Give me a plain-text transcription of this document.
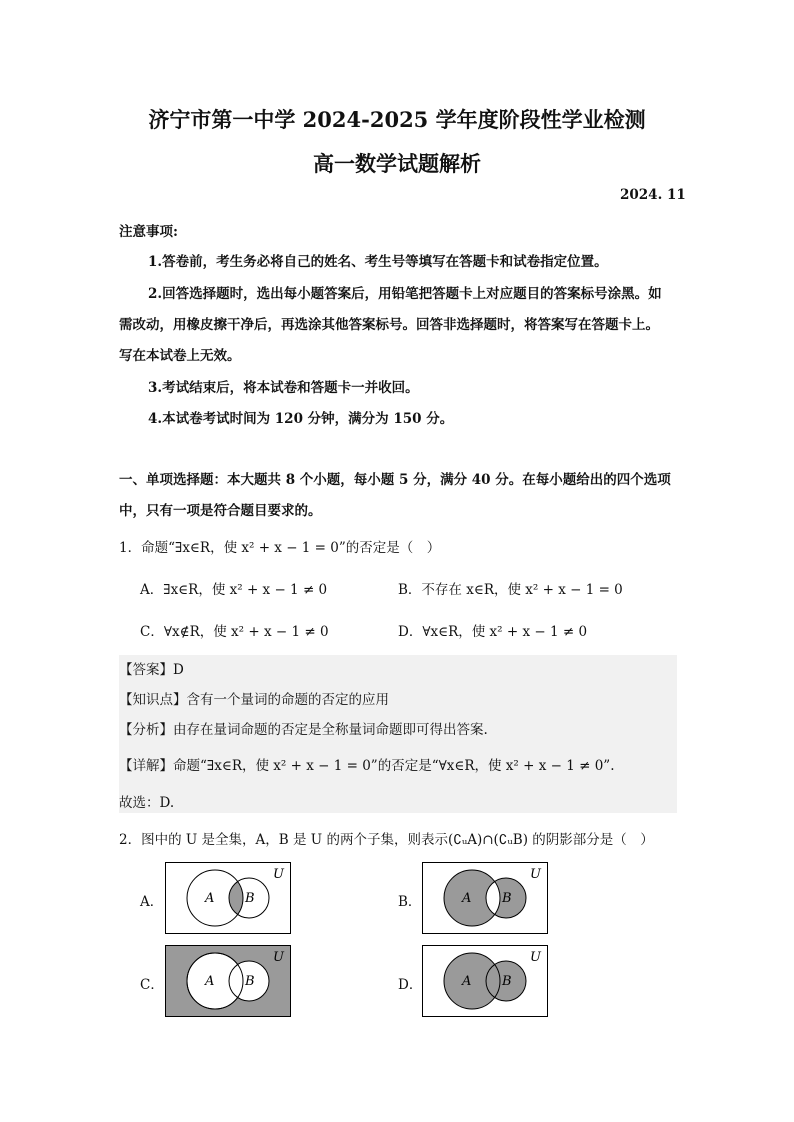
济宁市第一中学 2024-2025 学年度阶段性学业检测
高一数学试题解析
2024. 11
注意事项:
1.答卷前，考生务必将自己的姓名、考生号等填写在答题卡和试卷指定位置。
2.回答选择题时，选出每小题答案后，用铅笔把答题卡上对应题目的答案标号涂黑。如
需改动，用橡皮擦干净后，再选涂其他答案标号。回答非选择题时，将答案写在答题卡上。
写在本试卷上无效。
3.考试结束后，将本试卷和答题卡一并收回。
4.本试卷考试时间为 120 分钟，满分为 150 分。
一、单项选择题：本大题共 8 个小题，每小题 5 分，满分 40 分。在每小题给出的四个选项
中，只有一项是符合题目要求的。
1．命题“∃x∈R，使 x² + x − 1 = 0”的否定是（　）
A．∃x∈R，使 x² + x − 1 ≠ 0	B．不存在 x∈R，使 x² + x − 1 = 0
C．∀x∉R，使 x² + x − 1 ≠ 0	D．∀x∈R，使 x² + x − 1 ≠ 0
【答案】D
【知识点】含有一个量词的命题的否定的应用
【分析】由存在量词命题的否定是全称量词命题即可得出答案.
【详解】命题“∃x∈R，使 x² + x − 1 = 0”的否定是“∀x∈R，使 x² + x − 1 ≠ 0”.
故选：D.
2．图中的 U 是全集，A，B 是 U 的两个子集，则表示(∁ᵤA)∩(∁ᵤB) 的阴影部分是（　）
A．	A B
U
B．	A B
U
C．	A B
U
D．	A B
U
